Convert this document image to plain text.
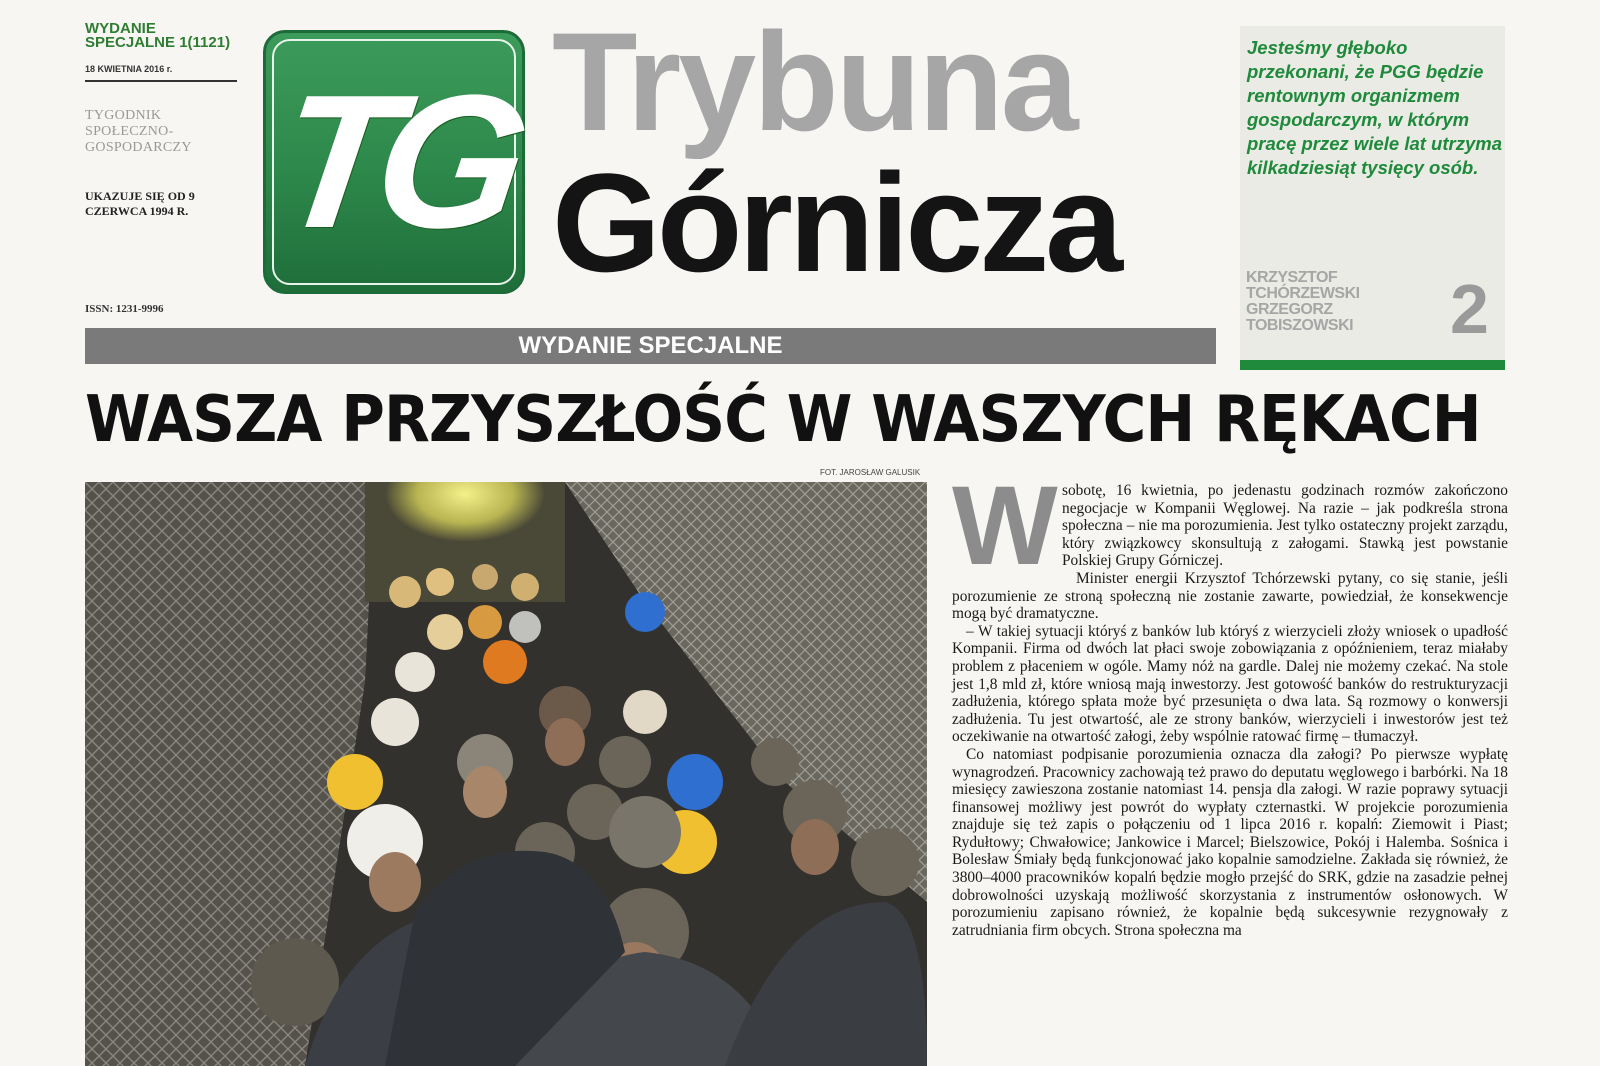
WYDANIE SPECJALNE 1(1121)
18 KWIETNIA 2016 r.
TYGODNIK SPOŁECZNO-GOSPODARCZY
UKAZUJE SIĘ OD 9 CZERWCA 1994 R.
ISSN: 1231-9996
TG Trybuna
Górnicza
Jesteśmy głęboko przekonani, że PGG będzie rentownym organizmem gospodarczym, w którym pracę przez wiele lat utrzyma kilkadziesiąt tysięcy osób.
KRZYSZTOF TCHÓRZEWSKI GRZEGORZ TOBISZOWSKI	2
WYDANIE SPECJALNE
WASZA PRZYSZŁOŚĆ W WASZYCH RĘKACH
FOT. JAROSŁAW GALUSIK W sobotę, 16 kwietnia, po jedenastu godzinach rozmów zakończono negocjacje w Kompanii Węglowej. Na razie – jak podkreśla strona społeczna – nie ma porozumienia. Jest tylko ostateczny projekt zarządu, który związkowcy skonsultują z załogami. Stawką jest powstanie Polskiej Grupy Górniczej.

Minister energii Krzysztof Tchórzewski pytany, co się stanie, jeśli porozumienie ze stroną społeczną nie zostanie zawarte, powiedział, że konsekwencje mogą być dramatyczne.

– W takiej sytuacji któryś z banków lub któryś z wierzycieli złoży wniosek o upadłość Kompanii. Firma od dwóch lat płaci swoje zobowiązania z opóźnieniem, teraz miałaby problem z płaceniem w ogóle. Mamy nóż na gardle. Dalej nie możemy czekać. Na stole jest 1,8 mld zł, które wniosą mają inwestorzy. Jest gotowość banków do restrukturyzacji zadłużenia, którego spłata może być przesunięta o dwa lata. Są rozmowy o konwersji zadłużenia. Tu jest otwartość, ale ze strony banków, wierzycieli i inwestorów jest też oczekiwanie na otwartość załogi, żeby wspólnie ratować firmę – tłumaczył.

Co natomiast podpisanie porozumienia oznacza dla załogi? Po pierwsze wypłatę wynagrodzeń. Pracownicy zachowają też prawo do deputatu węglowego i barbórki. Na 18 miesięcy zawieszona zostanie natomiast 14. pensja dla załogi. W razie poprawy sytuacji finansowej możliwy jest powrót do wypłaty czternastki. W projekcie porozumienia znajduje się też zapis o połączeniu od 1 lipca 2016 r. kopalń: Ziemowit i Piast; Rydułtowy; Chwałowice; Jankowice i Marcel; Bielszowice, Pokój i Halemba. Sośnica i Bolesław Śmiały będą funkcjonować jako kopalnie samodzielne. Zakłada się również, że 3800–4000 pracowników kopalń będzie mogło przejść do SRK, gdzie na zasadzie pełnej dobrowolności uzyskają możliwość skorzystania z instrumentów osłonowych. W porozumieniu zapisano również, że kopalnie będą sukcesywnie rezygnowały z zatrudniania firm obcych. Strona społeczna ma
